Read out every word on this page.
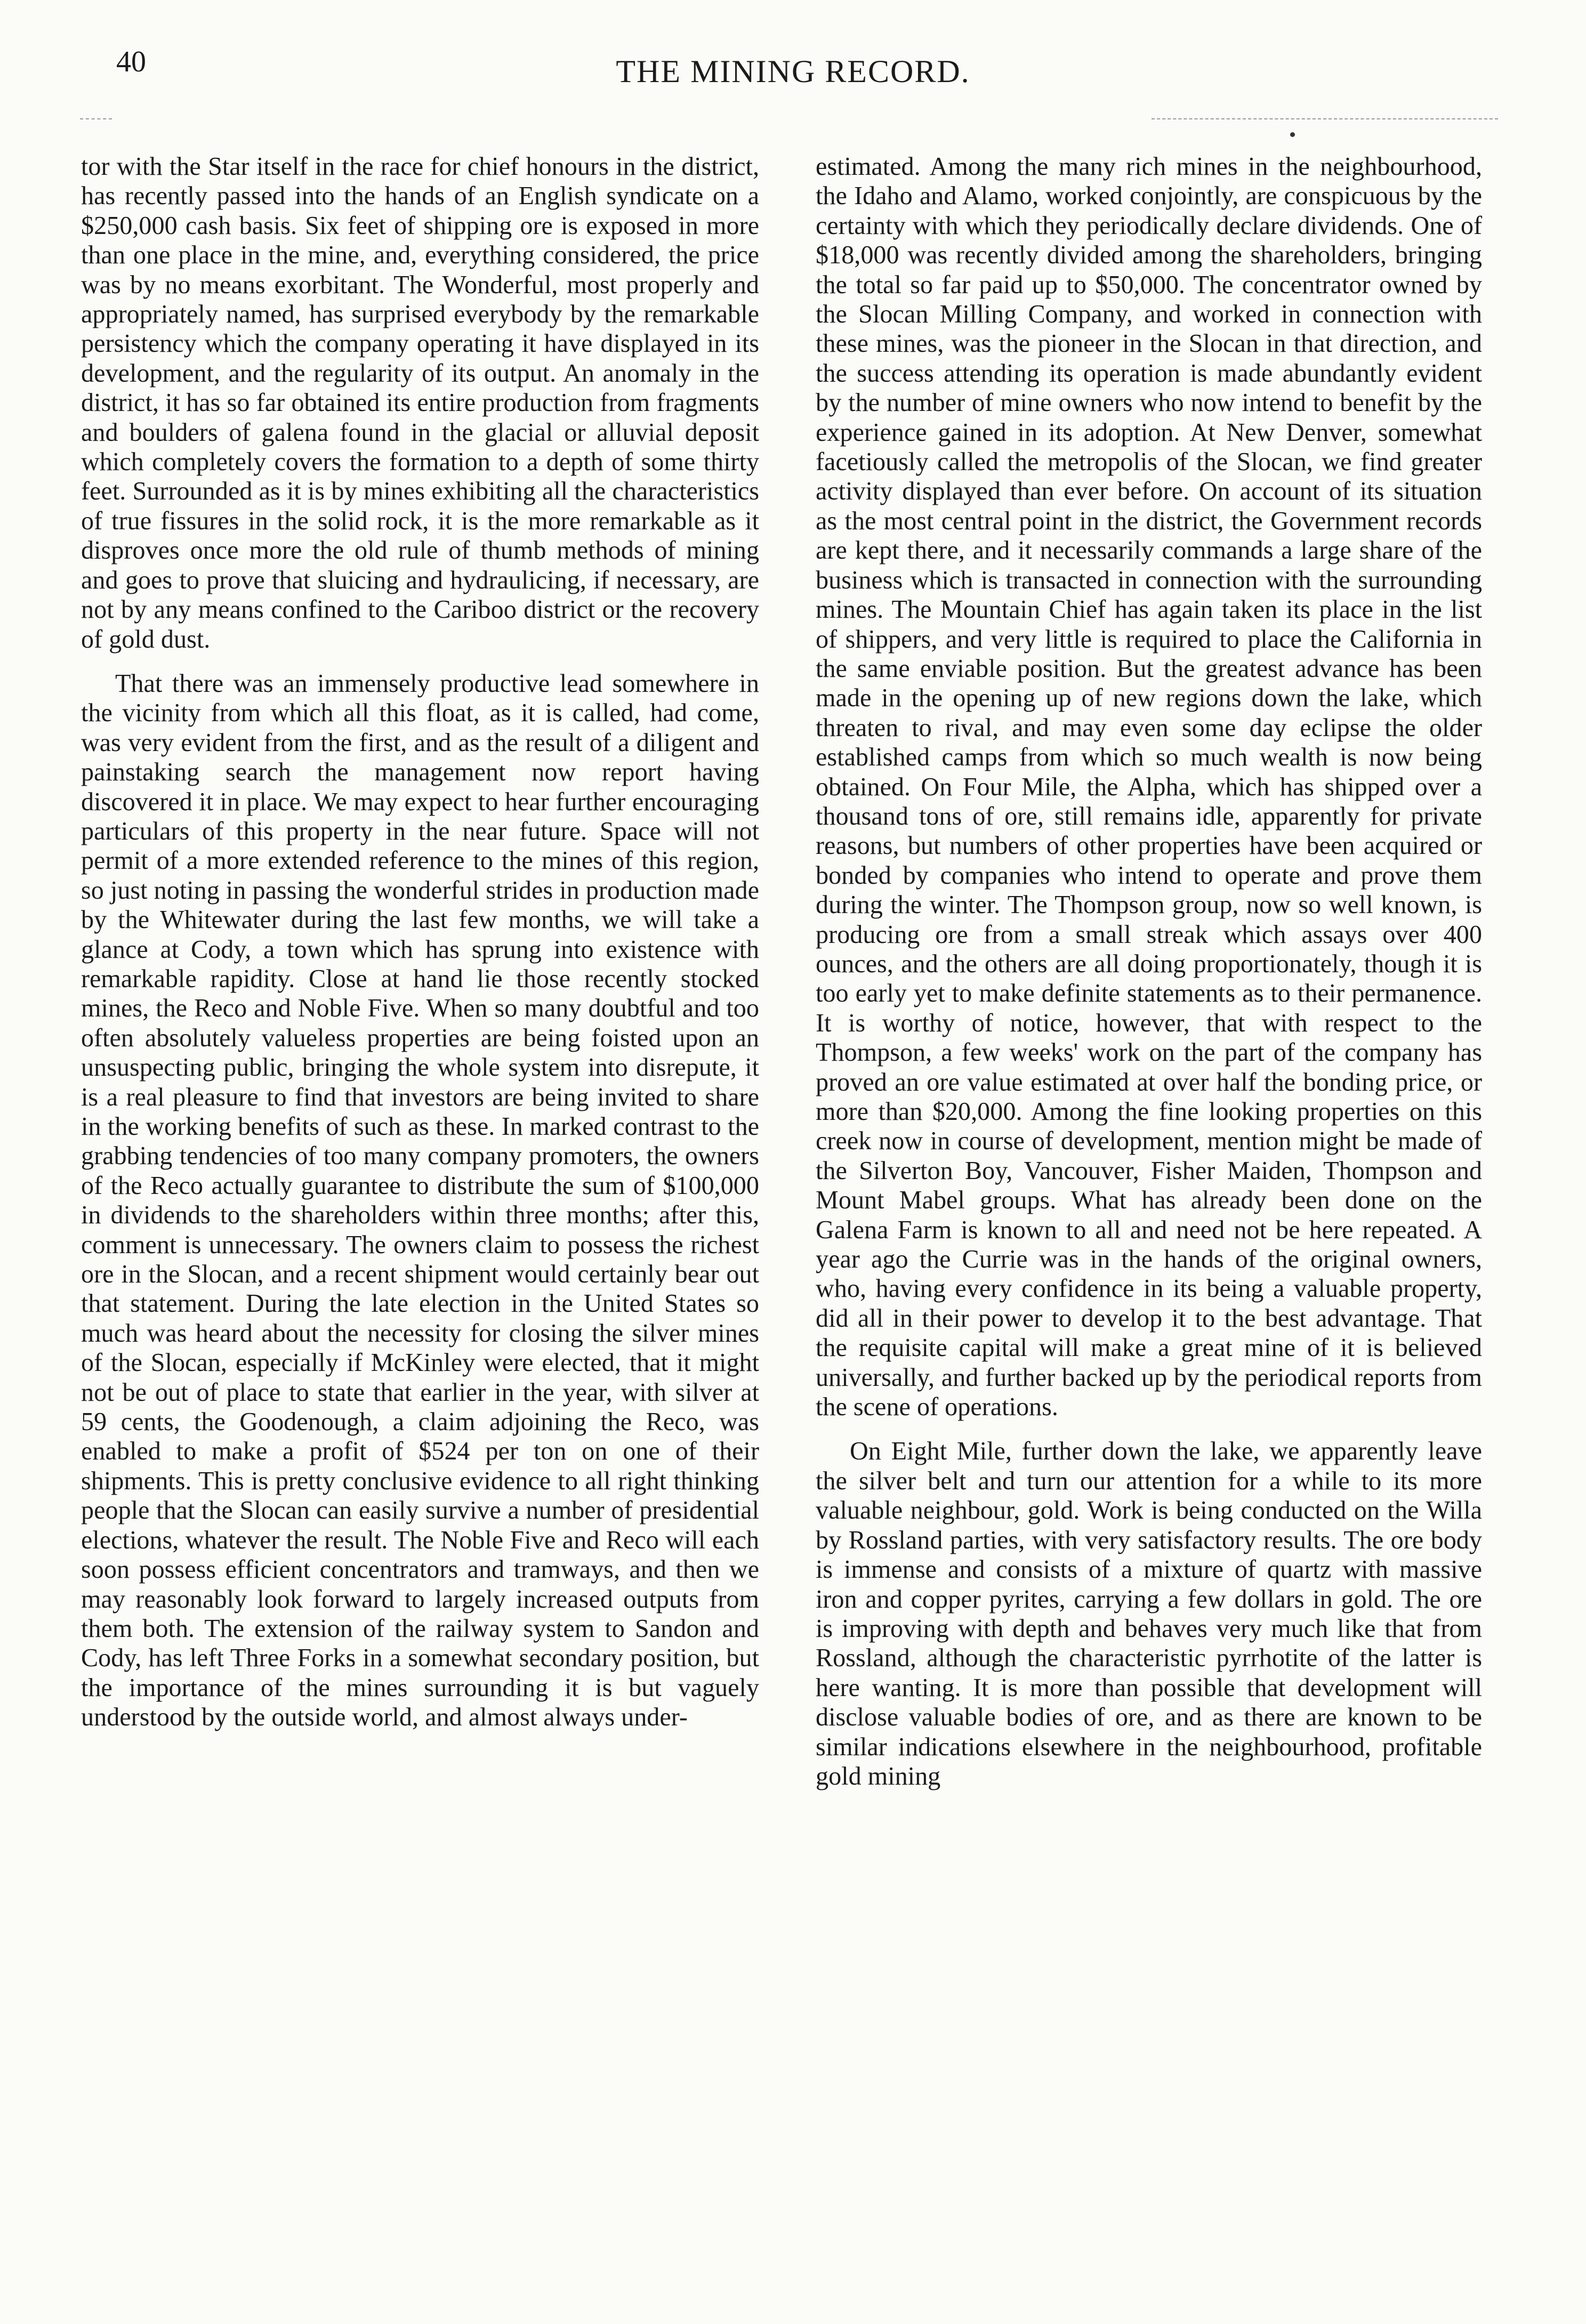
40	THE MINING RECORD.

tor with the Star itself in the race for chief honours in the district, has recently passed into the hands of an English syndicate on a $250,000 cash basis. Six feet of shipping ore is exposed in more than one place in the mine, and, everything considered, the price was by no means exorbitant. The Wonderful, most properly and appropriately named, has surprised everybody by the remarkable persistency which the company operating it have displayed in its development, and the regularity of its output. An anomaly in the district, it has so far obtained its entire production from fragments and boulders of galena found in the glacial or alluvial deposit which completely covers the formation to a depth of some thirty feet. Surrounded as it is by mines exhibiting all the characteristics of true fissures in the solid rock, it is the more remarkable as it disproves once more the old rule of thumb methods of mining and goes to prove that sluicing and hydraulicing, if necessary, are not by any means confined to the Cariboo district or the recovery of gold dust.

That there was an immensely productive lead somewhere in the vicinity from which all this float, as it is called, had come, was very evident from the first, and as the result of a diligent and painstaking search the management now report having discovered it in place. We may expect to hear further encouraging particulars of this property in the near future. Space will not permit of a more extended reference to the mines of this region, so just noting in passing the wonderful strides in production made by the Whitewater during the last few months, we will take a glance at Cody, a town which has sprung into existence with remarkable rapidity. Close at hand lie those recently stocked mines, the Reco and Noble Five. When so many doubtful and too often absolutely valueless properties are being foisted upon an unsuspecting public, bringing the whole system into disrepute, it is a real pleasure to find that investors are being invited to share in the working benefits of such as these. In marked contrast to the grabbing tendencies of too many company promoters, the owners of the Reco actually guarantee to distribute the sum of $100,000 in dividends to the shareholders within three months; after this, comment is unnecessary. The owners claim to possess the richest ore in the Slocan, and a recent shipment would certainly bear out that statement. During the late election in the United States so much was heard about the necessity for closing the silver mines of the Slocan, especially if McKinley were elected, that it might not be out of place to state that earlier in the year, with silver at 59 cents, the Goodenough, a claim adjoining the Reco, was enabled to make a profit of $524 per ton on one of their shipments. This is pretty conclusive evidence to all right thinking people that the Slocan can easily survive a number of presidential elections, whatever the result. The Noble Five and Reco will each soon possess efficient concentrators and tramways, and then we may reasonably look forward to largely increased outputs from them both. The extension of the railway system to Sandon and Cody, has left Three Forks in a somewhat secondary position, but the importance of the mines surrounding it is but vaguely understood by the outside world, and almost always under-

estimated. Among the many rich mines in the neighbourhood, the Idaho and Alamo, worked conjointly, are conspicuous by the certainty with which they periodically declare dividends. One of $18,000 was recently divided among the shareholders, bringing the total so far paid up to $50,000. The concentrator owned by the Slocan Milling Company, and worked in connection with these mines, was the pioneer in the Slocan in that direction, and the success attending its operation is made abundantly evident by the number of mine owners who now intend to benefit by the experience gained in its adoption. At New Denver, somewhat facetiously called the metropolis of the Slocan, we find greater activity displayed than ever before. On account of its situation as the most central point in the district, the Government records are kept there, and it necessarily commands a large share of the business which is transacted in connection with the surrounding mines. The Mountain Chief has again taken its place in the list of shippers, and very little is required to place the California in the same enviable position. But the greatest advance has been made in the opening up of new regions down the lake, which threaten to rival, and may even some day eclipse the older established camps from which so much wealth is now being obtained. On Four Mile, the Alpha, which has shipped over a thousand tons of ore, still remains idle, apparently for private reasons, but numbers of other properties have been acquired or bonded by companies who intend to operate and prove them during the winter. The Thompson group, now so well known, is producing ore from a small streak which assays over 400 ounces, and the others are all doing proportionately, though it is too early yet to make definite statements as to their permanence. It is worthy of notice, however, that with respect to the Thompson, a few weeks' work on the part of the company has proved an ore value estimated at over half the bonding price, or more than $20,000. Among the fine looking properties on this creek now in course of development, mention might be made of the Silverton Boy, Vancouver, Fisher Maiden, Thompson and Mount Mabel groups. What has already been done on the Galena Farm is known to all and need not be here repeated. A year ago the Currie was in the hands of the original owners, who, having every confidence in its being a valuable property, did all in their power to develop it to the best advantage. That the requisite capital will make a great mine of it is believed universally, and further backed up by the periodical reports from the scene of operations.

On Eight Mile, further down the lake, we apparently leave the silver belt and turn our attention for a while to its more valuable neighbour, gold. Work is being conducted on the Willa by Rossland parties, with very satisfactory results. The ore body is immense and consists of a mixture of quartz with massive iron and copper pyrites, carrying a few dollars in gold. The ore is improving with depth and behaves very much like that from Rossland, although the characteristic pyrrhotite of the latter is here wanting. It is more than possible that development will disclose valuable bodies of ore, and as there are known to be similar indications elsewhere in the neighbourhood, profitable gold mining
